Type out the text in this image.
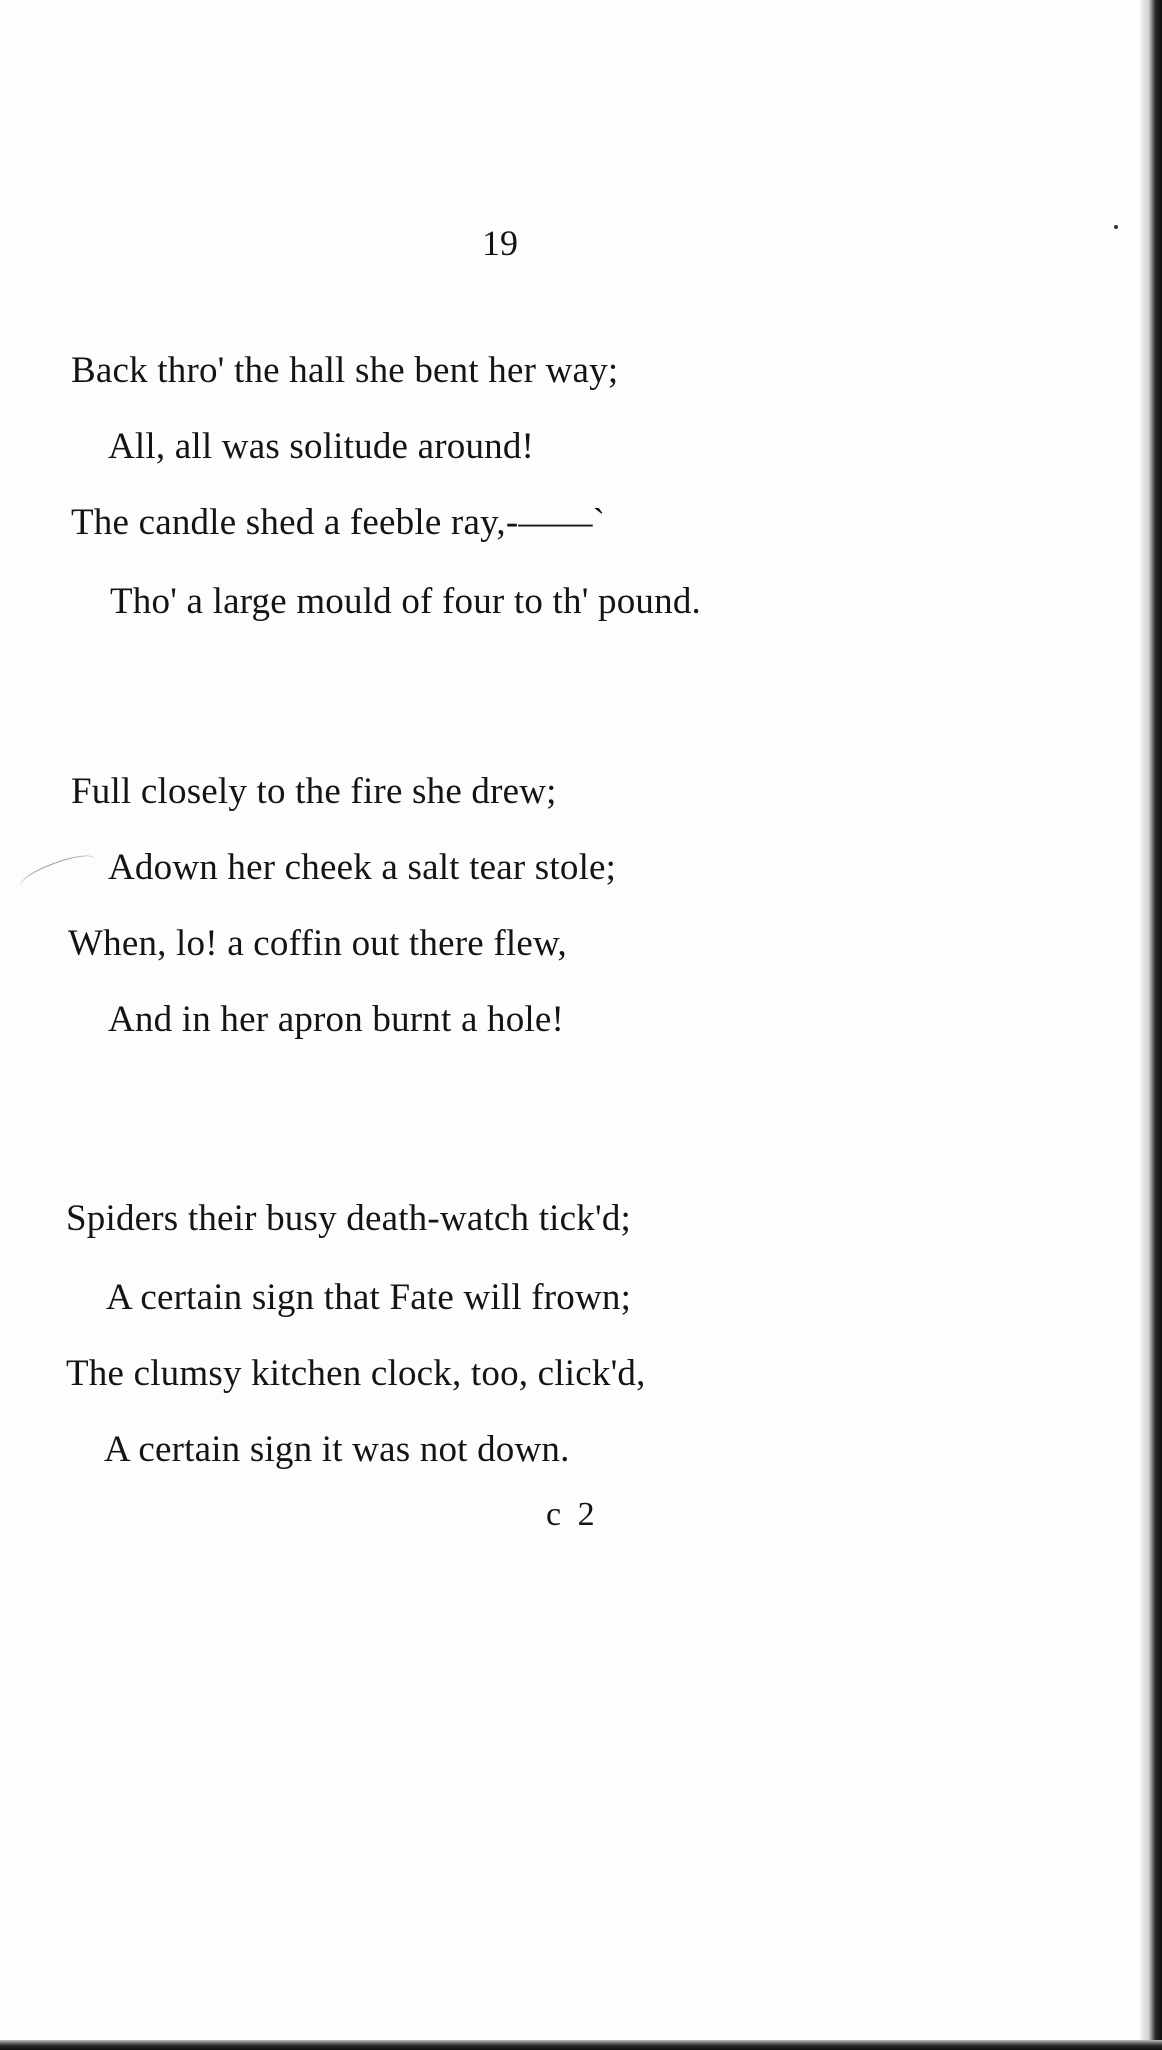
19
Back thro' the hall she bent her way;
All, all was solitude around!
The candle shed a feeble ray,-——`
Tho' a large mould of four to th' pound.
Full closely to the fire she drew;
Adown her cheek a salt tear stole;
When, lo! a coffin out there flew,
And in her apron burnt a hole!
Spiders their busy death-watch tick'd;
A certain sign that Fate will frown;
The clumsy kitchen clock, too, click'd,
A certain sign it was not down.
c 2
